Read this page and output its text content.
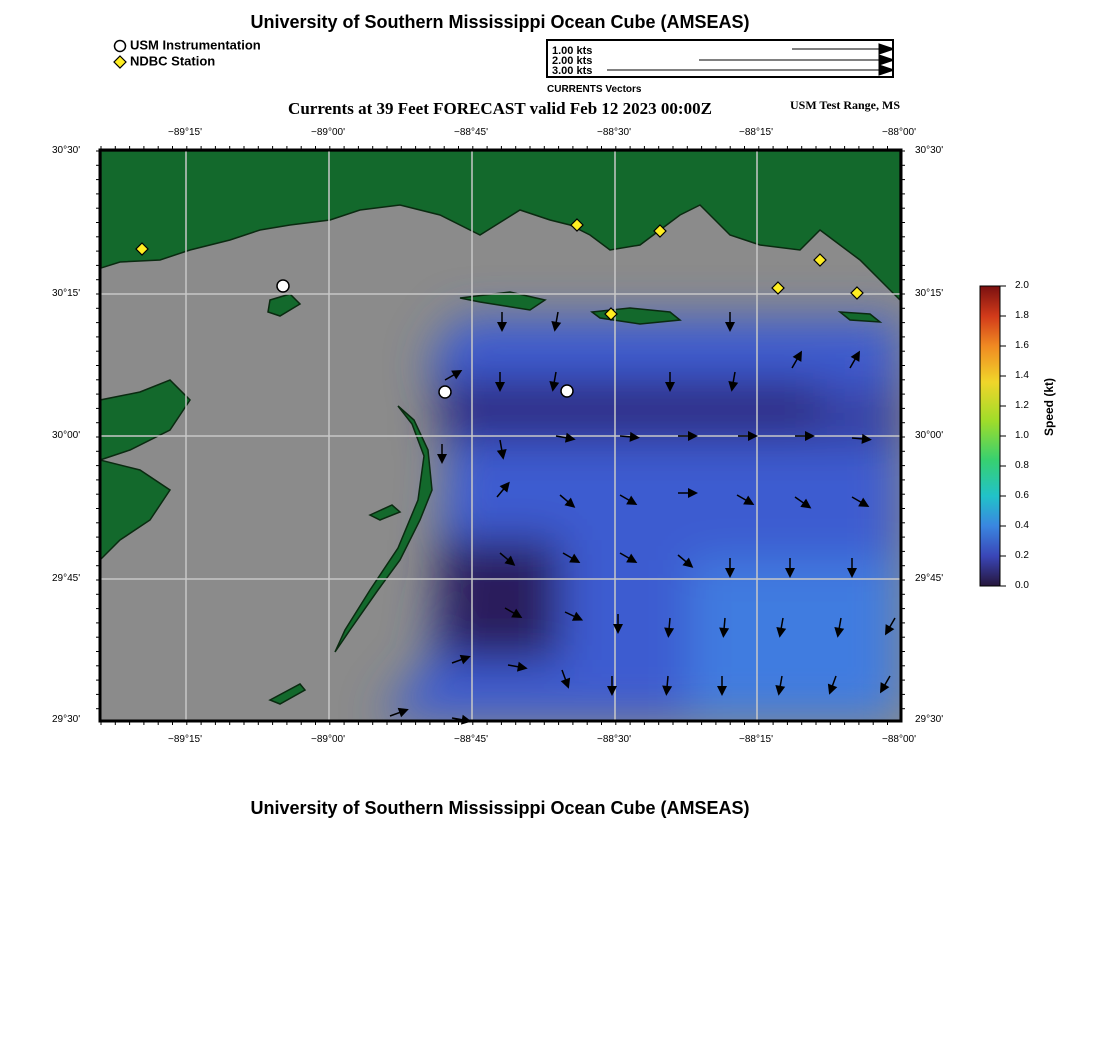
University of Southern Mississippi Ocean Cube (AMSEAS)
USM Instrumentation
NDBC Station
1.00 kts
2.00 kts
3.00 kts
CURRENTS Vectors
Currents at 39 Feet FORECAST valid Feb 12 2023 00:00Z	USM Test Range, MS
−89°15'
−89°15'
−89°00'
−89°00'
−88°45'
−88°45'
−88°30'
−88°30'
−88°15'
−88°15'
−88°00'
−88°00'
30°30'	30°30'
30°15'	30°15'
30°00'	30°00'
29°45'	29°45'
29°30'	29°30'
2.0
1.8
1.6
1.4
1.2
1.0
0.8
0.6
0.4
0.2
0.0
Speed (kt)
University of Southern Mississippi Ocean Cube (AMSEAS)
